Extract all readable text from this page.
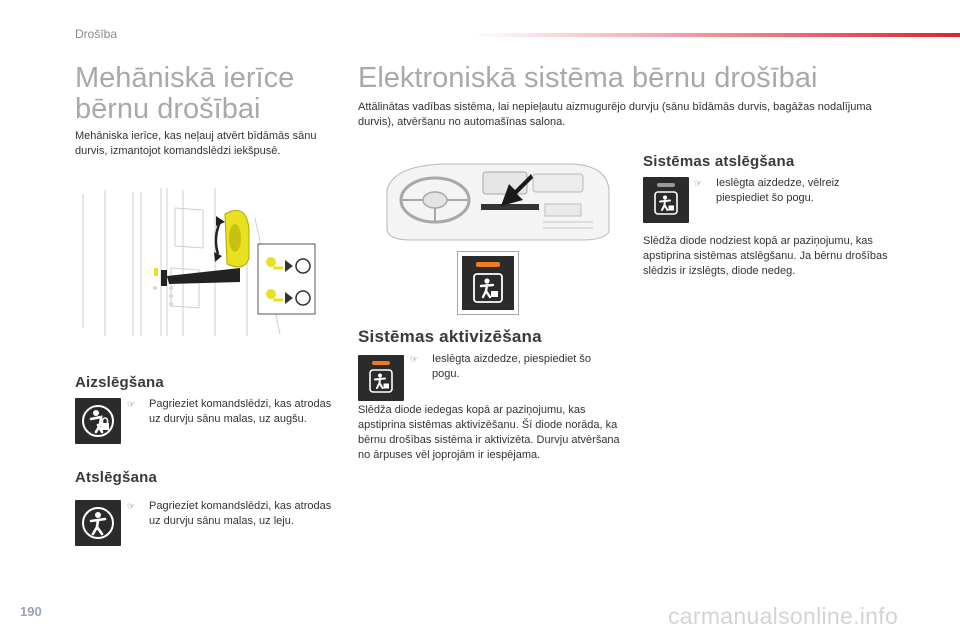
Drošība
Mehāniskā ierīce bērnu drošībai

Mehāniska ierīce, kas neļauj atvērt bīdāmās sānu durvis, izmantojot komandslēdzi iekšpusē.

Aizslēgšana
☞ Pagrieziet komandslēdzi, kas atrodas uz durvju sānu malas, uz augšu.
Atslēgšana
☞ Pagrieziet komandslēdzi, kas atrodas uz durvju sānu malas, uz leju.
Elektroniskā sistēma bērnu drošībai

Attālinātas vadības sistēma, lai nepieļautu aizmugurējo durvju (sānu bīdāmās durvis, bagāžas nodalījuma durvis), atvēršanu no automašīnas salona.

Sistēmas aktivizēšana
☞ Ieslēgta aizdedze, piespiediet šo pogu.

Slēdža diode iedegas kopā ar paziņojumu, kas apstiprina sistēmas aktivizēšanu. Šī diode norāda, ka bērnu drošības sistēma ir aktivizēta. Durvju atvēršana no ārpuses vēl joprojām ir iespējama.

Sistēmas atslēgšana
☞ Ieslēgta aizdedze, vēlreiz piespiediet šo pogu.

Slēdža diode nodziest kopā ar paziņojumu, kas apstiprina sistēmas atslēgšanu. Ja bērnu drošības slēdzis ir izslēgts, diode nedeg.

190	carmanualsonline.info
